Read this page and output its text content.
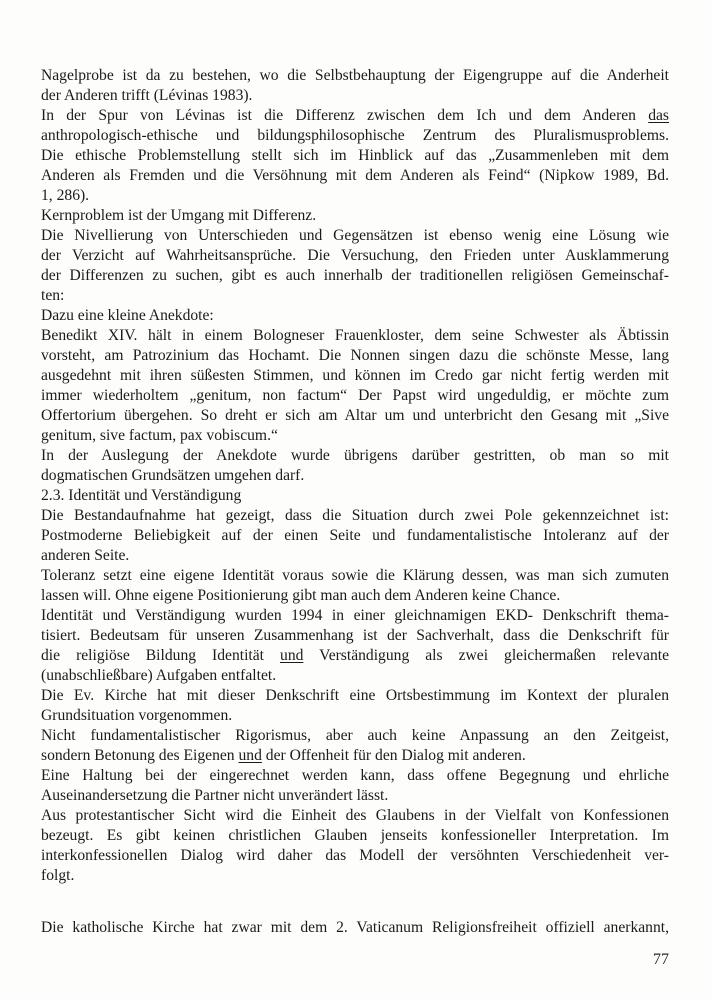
Nagelprobe ist da zu bestehen, wo die Selbstbehauptung der Eigengruppe auf die Anderheit
der Anderen trifft (Lévinas 1983).
In der Spur von Lévinas ist die Differenz zwischen dem Ich und dem Anderen das
anthropologisch-ethische und bildungsphilosophische Zentrum des Pluralismusproblems.
Die ethische Problemstellung stellt sich im Hinblick auf das „Zusammenleben mit dem
Anderen als Fremden und die Versöhnung mit dem Anderen als Feind“ (Nipkow 1989, Bd.
1, 286).
Kernproblem ist der Umgang mit Differenz.
Die Nivellierung von Unterschieden und Gegensätzen ist ebenso wenig eine Lösung wie
der Verzicht auf Wahrheitsansprüche. Die Versuchung, den Frieden unter Ausklammerung
der Differenzen zu suchen, gibt es auch innerhalb der traditionellen religiösen Gemeinschaf-
ten:
Dazu eine kleine Anekdote:
Benedikt XIV. hält in einem Bologneser Frauenkloster, dem seine Schwester als Äbtissin
vorsteht, am Patrozinium das Hochamt. Die Nonnen singen dazu die schönste Messe, lang
ausgedehnt mit ihren süßesten Stimmen, und können im Credo gar nicht fertig werden mit
immer wiederholtem „genitum, non factum“ Der Papst wird ungeduldig, er möchte zum
Offertorium übergehen. So dreht er sich am Altar um und unterbricht den Gesang mit „Sive
genitum, sive factum, pax vobiscum.“
In der Auslegung der Anekdote wurde übrigens darüber gestritten, ob man so mit
dogmatischen Grundsätzen umgehen darf.
2.3. Identität und Verständigung
Die Bestandaufnahme hat gezeigt, dass die Situation durch zwei Pole gekennzeichnet ist:
Postmoderne Beliebigkeit auf der einen Seite und fundamentalistische Intoleranz auf der
anderen Seite.
Toleranz setzt eine eigene Identität voraus sowie die Klärung dessen, was man sich zumuten
lassen will. Ohne eigene Positionierung gibt man auch dem Anderen keine Chance.
Identität und Verständigung wurden 1994 in einer gleichnamigen EKD- Denkschrift thema-
tisiert. Bedeutsam für unseren Zusammenhang ist der Sachverhalt, dass die Denkschrift für
die religiöse Bildung Identität und Verständigung als zwei gleichermaßen relevante
(unabschließbare) Aufgaben entfaltet.
Die Ev. Kirche hat mit dieser Denkschrift eine Ortsbestimmung im Kontext der pluralen
Grundsituation vorgenommen.
Nicht fundamentalistischer Rigorismus, aber auch keine Anpassung an den Zeitgeist,
sondern Betonung des Eigenen und der Offenheit für den Dialog mit anderen.
Eine Haltung bei der eingerechnet werden kann, dass offene Begegnung und ehrliche
Auseinandersetzung die Partner nicht unverändert lässt.
Aus protestantischer Sicht wird die Einheit des Glaubens in der Vielfalt von Konfessionen
bezeugt. Es gibt keinen christlichen Glauben jenseits konfessioneller Interpretation. Im
interkonfessionellen Dialog wird daher das Modell der versöhnten Verschiedenheit ver-
folgt.
Die katholische Kirche hat zwar mit dem 2. Vaticanum Religionsfreiheit offiziell anerkannt,
77
